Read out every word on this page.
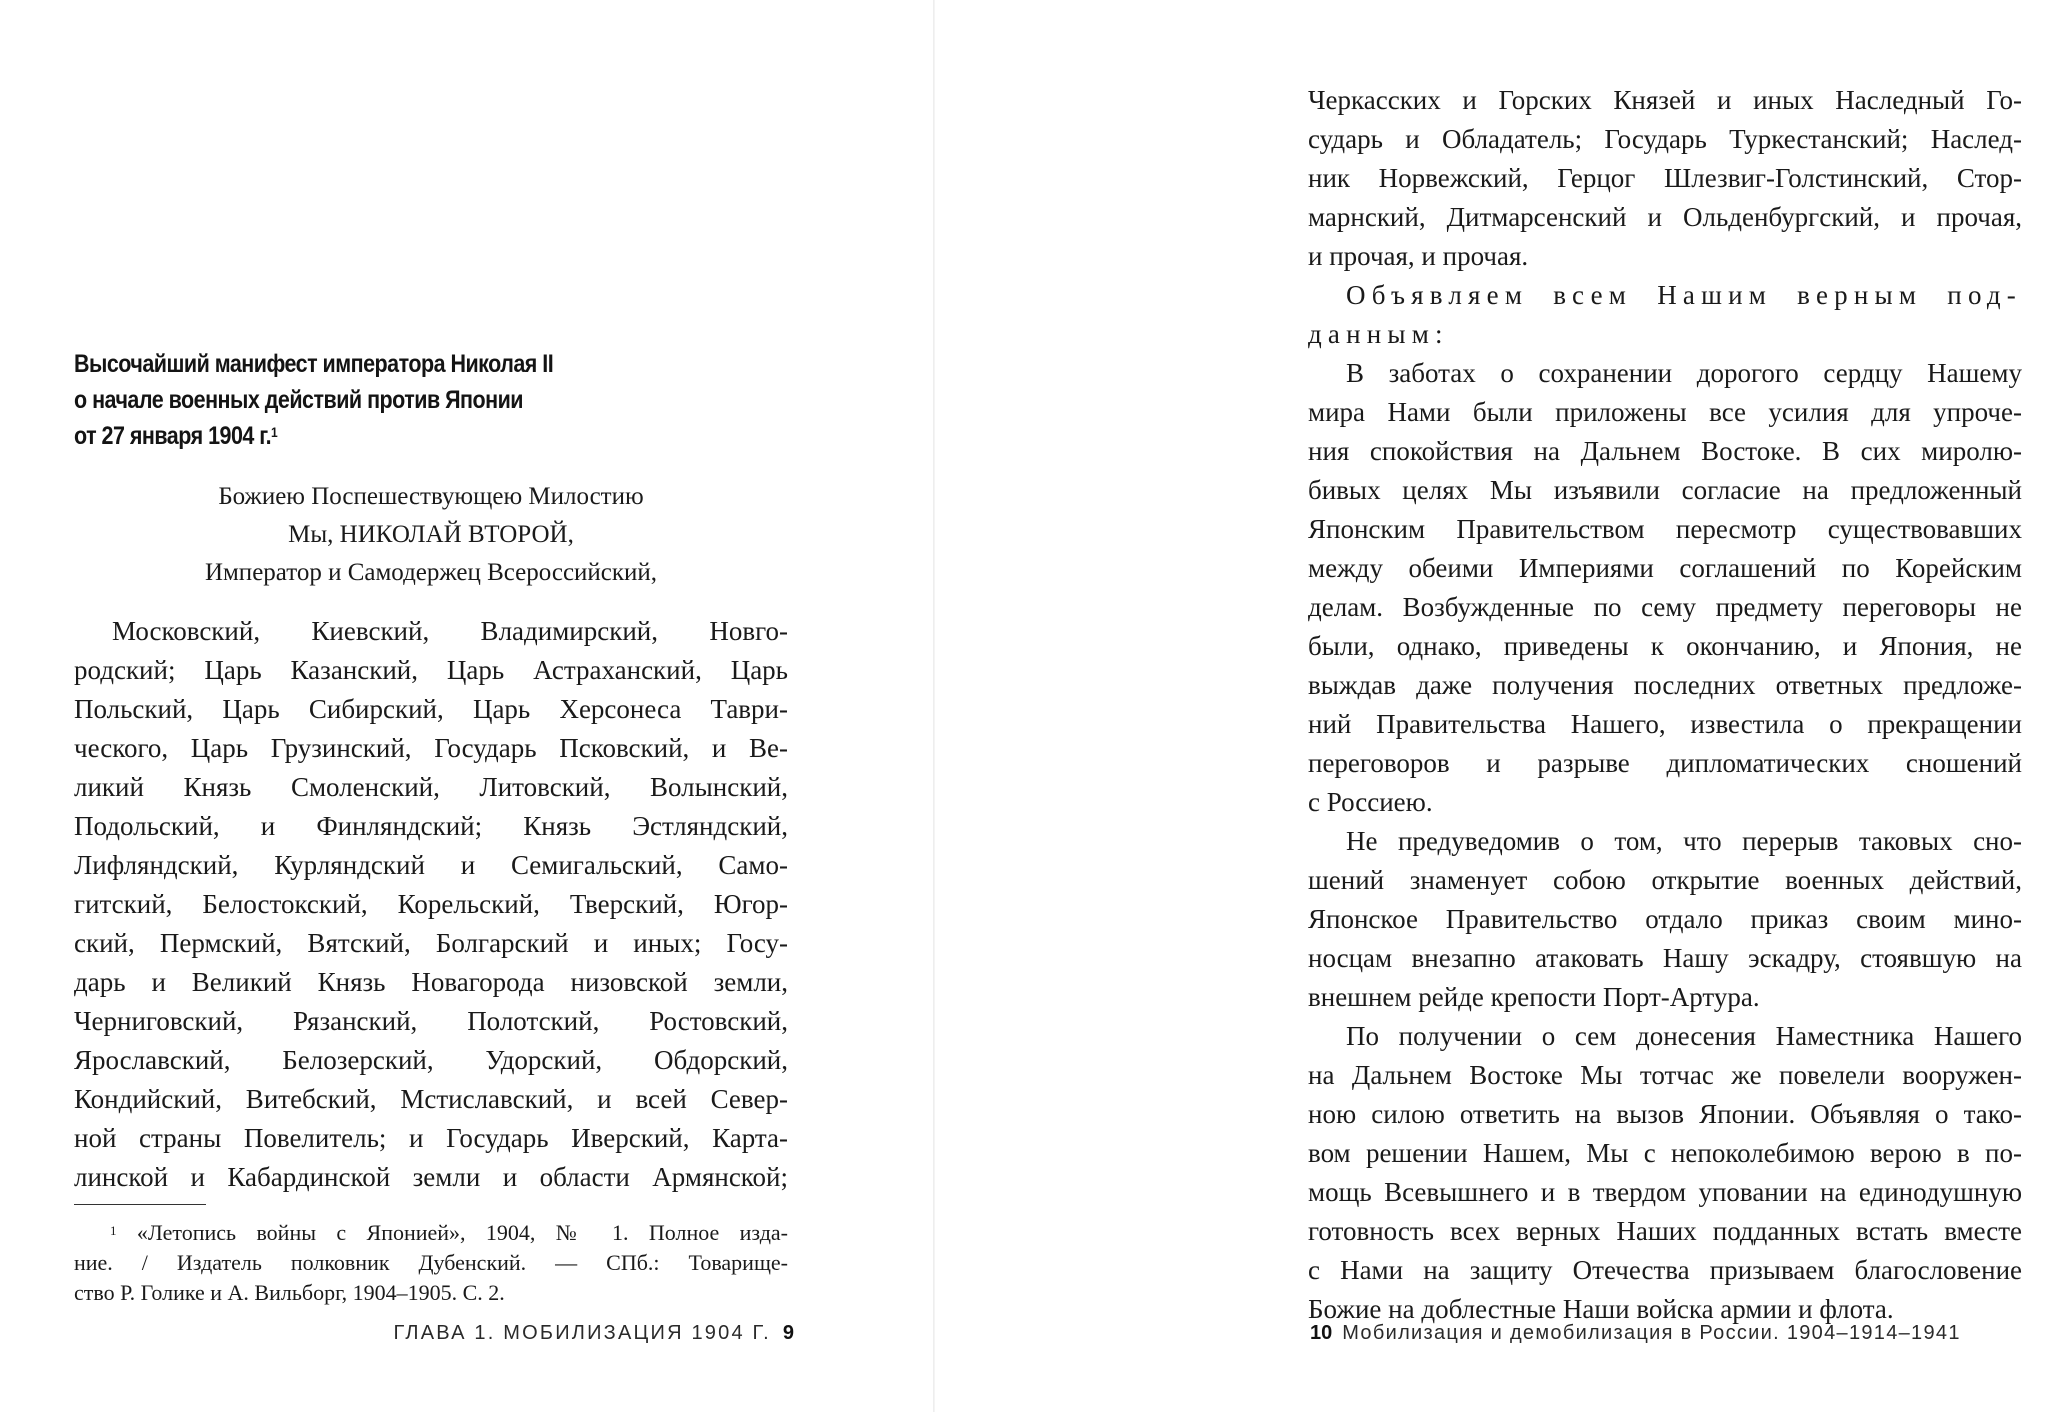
Высочайший манифест императора Николая II
о начале военных действий против Японии
от 27 января 1904 г.$^1$
Божиею Поспешествующею Милостию
Мы, НИКОЛАЙ ВТОРОЙ,
Император и Самодержец Всероссийский,
Московский, Киевский, Владимирский, Новго-
родский; Царь Казанский, Царь Астраханский, Царь
Польский, Царь Сибирский, Царь Херсонеса Таври-
ческого, Царь Грузинский, Государь Псковский, и Ве-
ликий Князь Смоленский, Литовский, Волынский,
Подольский, и Финляндский; Князь Эстляндский,
Лифляндский, Курляндский и Семигальский, Само-
гитский, Белостокский, Корельский, Тверский, Югор-
ский, Пермский, Вятский, Болгарский и иных; Госу-
дарь и Великий Князь Новагорода низовской земли,
Черниговский, Рязанский, Полотский, Ростовский,
Ярославский, Белозерский, Удорский, Обдорский,
Кондийский, Витебский, Мстиславский, и всей Север-
ной страны Повелитель; и Государь Иверский, Карта-
линской и Кабардинской земли и области Армянской;
$^1$ «Летопись войны с Японией», 1904, № 1. Полное изда-
ние. / Издатель полковник Дубенский. — СПб.: Товарище-
ство Р. Голике и А. Вильборг, 1904–1905. С. 2.
ГЛАВА 1. МОБИЛИЗАЦИЯ 1904 Г. 9
Черкасских и Горских Князей и иных Наследный Го-
сударь и Обладатель; Государь Туркестанский; Наслед-
ник Норвежский, Герцог Шлезвиг-Голстинский, Стор-
марнский, Дитмарсенский и Ольденбургский, и прочая,
и прочая, и прочая.
Объявляем всем Нашим верным под-
данным:
В заботах о сохранении дорогого сердцу Нашему
мира Нами были приложены все усилия для упроче-
ния спокойствия на Дальнем Востоке. В сих миролю-
бивых целях Мы изъявили согласие на предложенный
Японским Правительством пересмотр существовавших
между обеими Империями соглашений по Корейским
делам. Возбужденные по сему предмету переговоры не
были, однако, приведены к окончанию, и Япония, не
выждав даже получения последних ответных предложе-
ний Правительства Нашего, известила о прекращении
переговоров и разрыве дипломатических сношений
с Россиею.
Не предуведомив о том, что перерыв таковых сно-
шений знаменует собою открытие военных действий,
Японское Правительство отдало приказ своим мино-
носцам внезапно атаковать Нашу эскадру, стоявшую на
внешнем рейде крепости Порт-Артура.
По получении о сем донесения Наместника Нашего
на Дальнем Востоке Мы тотчас же повелели вооружен-
ною силою ответить на вызов Японии. Объявляя о тако-
вом решении Нашем, Мы с непоколебимою верою в по-
мощь Всевышнего и в твердом уповании на единодушную
готовность всех верных Наших подданных встать вместе
с Нами на защиту Отечества призываем благословение
Божие на доблестные Наши войска армии и флота.
10 Мобилизация и демобилизация в России. 1904–1914–1941
